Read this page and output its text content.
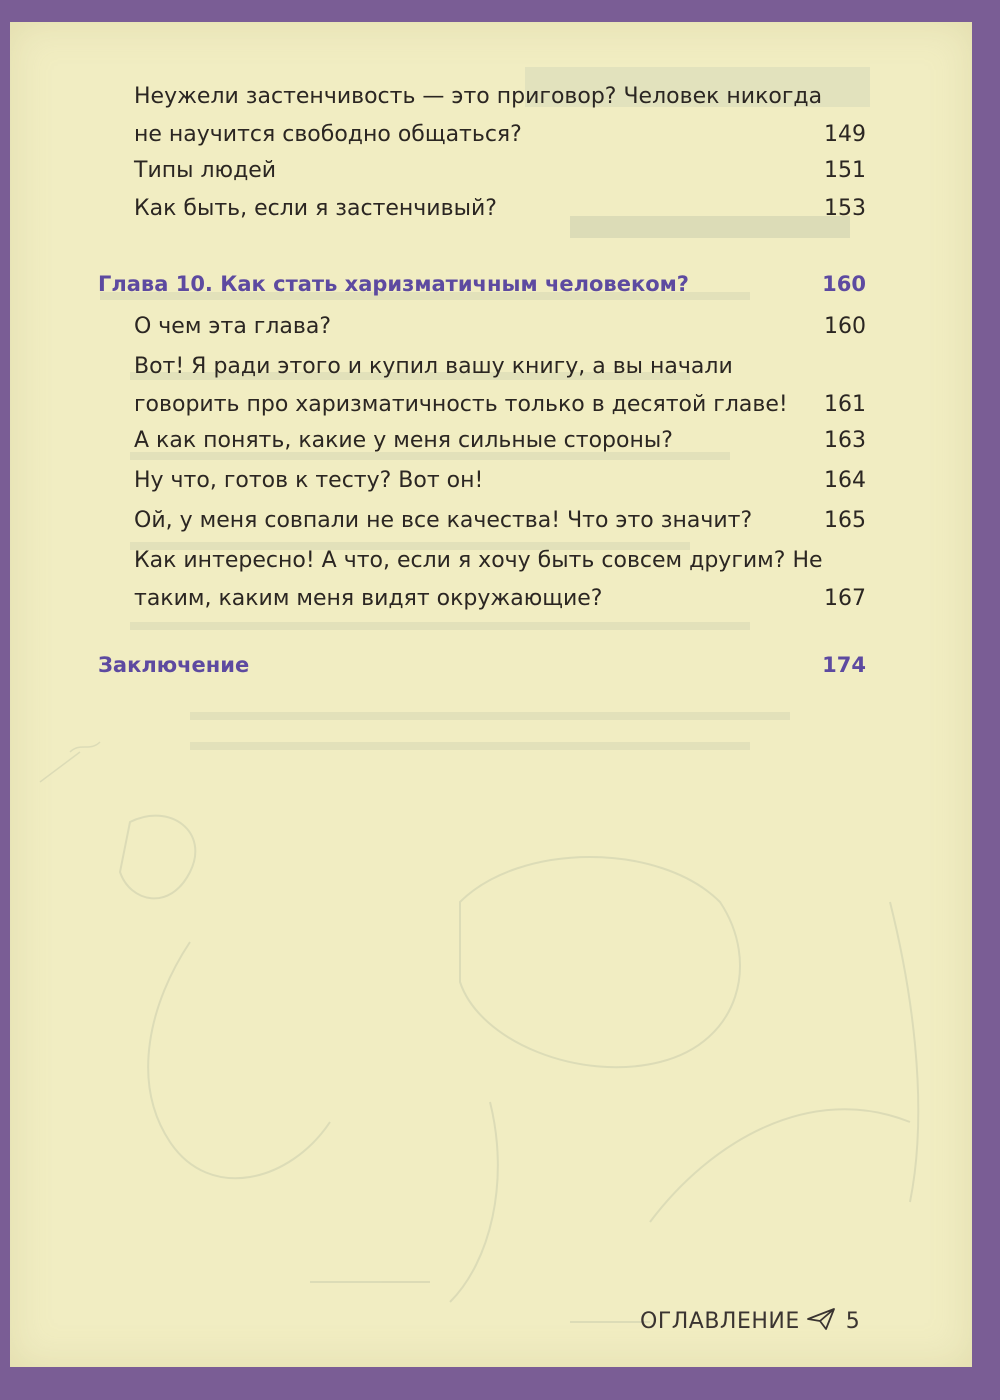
Неужели застенчивость — это приговор? Человек никогда не научится свободно общаться?	149
Типы людей	151
Как быть, если я застенчивый?	153
Глава 10. Как стать харизматичным человеком?	160
О чем эта глава?	160
Вот! Я ради этого и купил вашу книгу, а вы начали говорить про харизматичность только в десятой главе! 161
А как понять, какие у меня сильные стороны?	163
Ну что, готов к тесту? Вот он!	164
Ой, у меня совпали не все качества! Что это значит?	165
Как интересно! А что, если я хочу быть совсем другим? Не таким, каким меня видят окружающие?	167
Заключение	174
ОГЛАВЛЕНИЕ 5
